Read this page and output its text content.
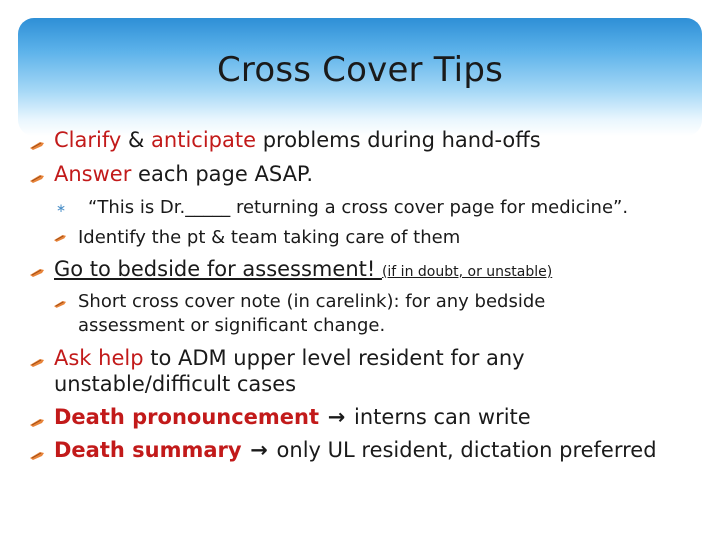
Cross Cover Tips
Clarify & anticipate problems during hand-offs
Answer each page ASAP.
∗ “This is Dr._____ returning a cross cover page for medicine”.
Identify the pt & team taking care of them
Go to bedside for assessment! (if in doubt, or unstable)
Short cross cover note (in carelink): for any bedside
assessment or significant change.
Ask help to ADM upper level resident for any
unstable/difficult cases
Death pronouncement → interns can write
Death summary → only UL resident, dictation preferred
